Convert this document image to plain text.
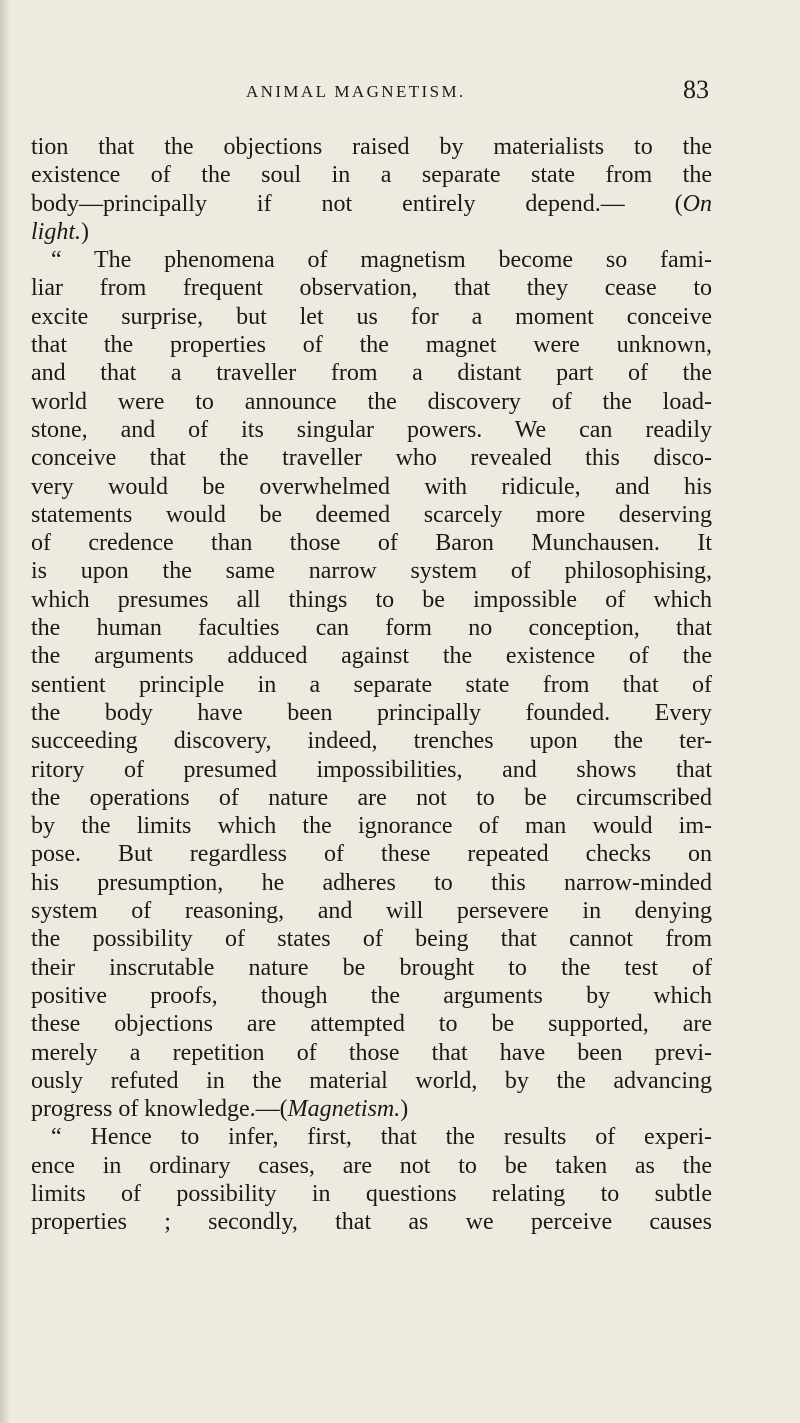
ANIMAL MAGNETISM.	83
tion that the objections raised by materialists to the
existence of the soul in a separate state from the
body—principally if not entirely depend.— (On
light.)
“ The phenomena of magnetism become so fami-
liar from frequent observation, that they cease to
excite surprise, but let us for a moment conceive
that the properties of the magnet were unknown,
and that a traveller from a distant part of the
world were to announce the discovery of the load-
stone, and of its singular powers. We can readily
conceive that the traveller who revealed this disco-
very would be overwhelmed with ridicule, and his
statements would be deemed scarcely more deserving
of credence than those of Baron Munchausen. It
is upon the same narrow system of philosophising,
which presumes all things to be impossible of which
the human faculties can form no conception, that
the arguments adduced against the existence of the
sentient principle in a separate state from that of
the body have been principally founded. Every
succeeding discovery, indeed, trenches upon the ter-
ritory of presumed impossibilities, and shows that
the operations of nature are not to be circumscribed
by the limits which the ignorance of man would im-
pose. But regardless of these repeated checks on
his presumption, he adheres to this narrow-minded
system of reasoning, and will persevere in denying
the possibility of states of being that cannot from
their inscrutable nature be brought to the test of
positive proofs, though the arguments by which
these objections are attempted to be supported, are
merely a repetition of those that have been previ-
ously refuted in the material world, by the advancing
progress of knowledge.—(Magnetism.)
“ Hence to infer, first, that the results of experi-
ence in ordinary cases, are not to be taken as the
limits of possibility in questions relating to subtle
properties ; secondly, that as we perceive causes
